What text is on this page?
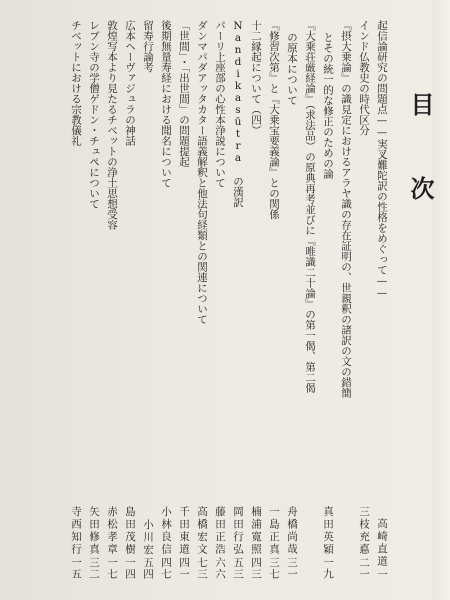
目次
起信論研究の問題点——実叉難陀訳の性格をめぐって——
高崎直道一
インド仏教史の時代区分
三枝充悳二一
『摂大乗論』の識見定におけるアラヤ識の存在証明の、世親釈の諸訳の文の錯簡
とその統一的な修正のための論
真田英穎一九
『大乗荘厳経論』（求法品）の原典再考並びに『唯識二十論』の第一偈、第二偈
の原本について
舟橋尚哉三一
『修習次第』と『大乗宝要義論』との関係
一島正真三七
十二縁起について（四）
楠浦寛照四三
Nandikasūtra の漢訳
岡田行弘五三
パーリ上座部の心性本浄説について
藤田正浩六六
ダンマパダアッタカター語義解釈と他法句経類との関連について
高橋宏文七三
「世間」・「出世間」の問題提起
千田東道四一
後期無量寿経における聞名について
小林良信四七
留寿行論考
小川宏五四
広本ヘーヴァジュラの神話
島田茂樹一四
敦煌写本より見たるチベットの浄土思想受容
赤松孝章一七
レブン寺の学僧ゲドン・チュペについて
矢田修真三二
チベットにおける宗教儀礼
寺西知行一五
